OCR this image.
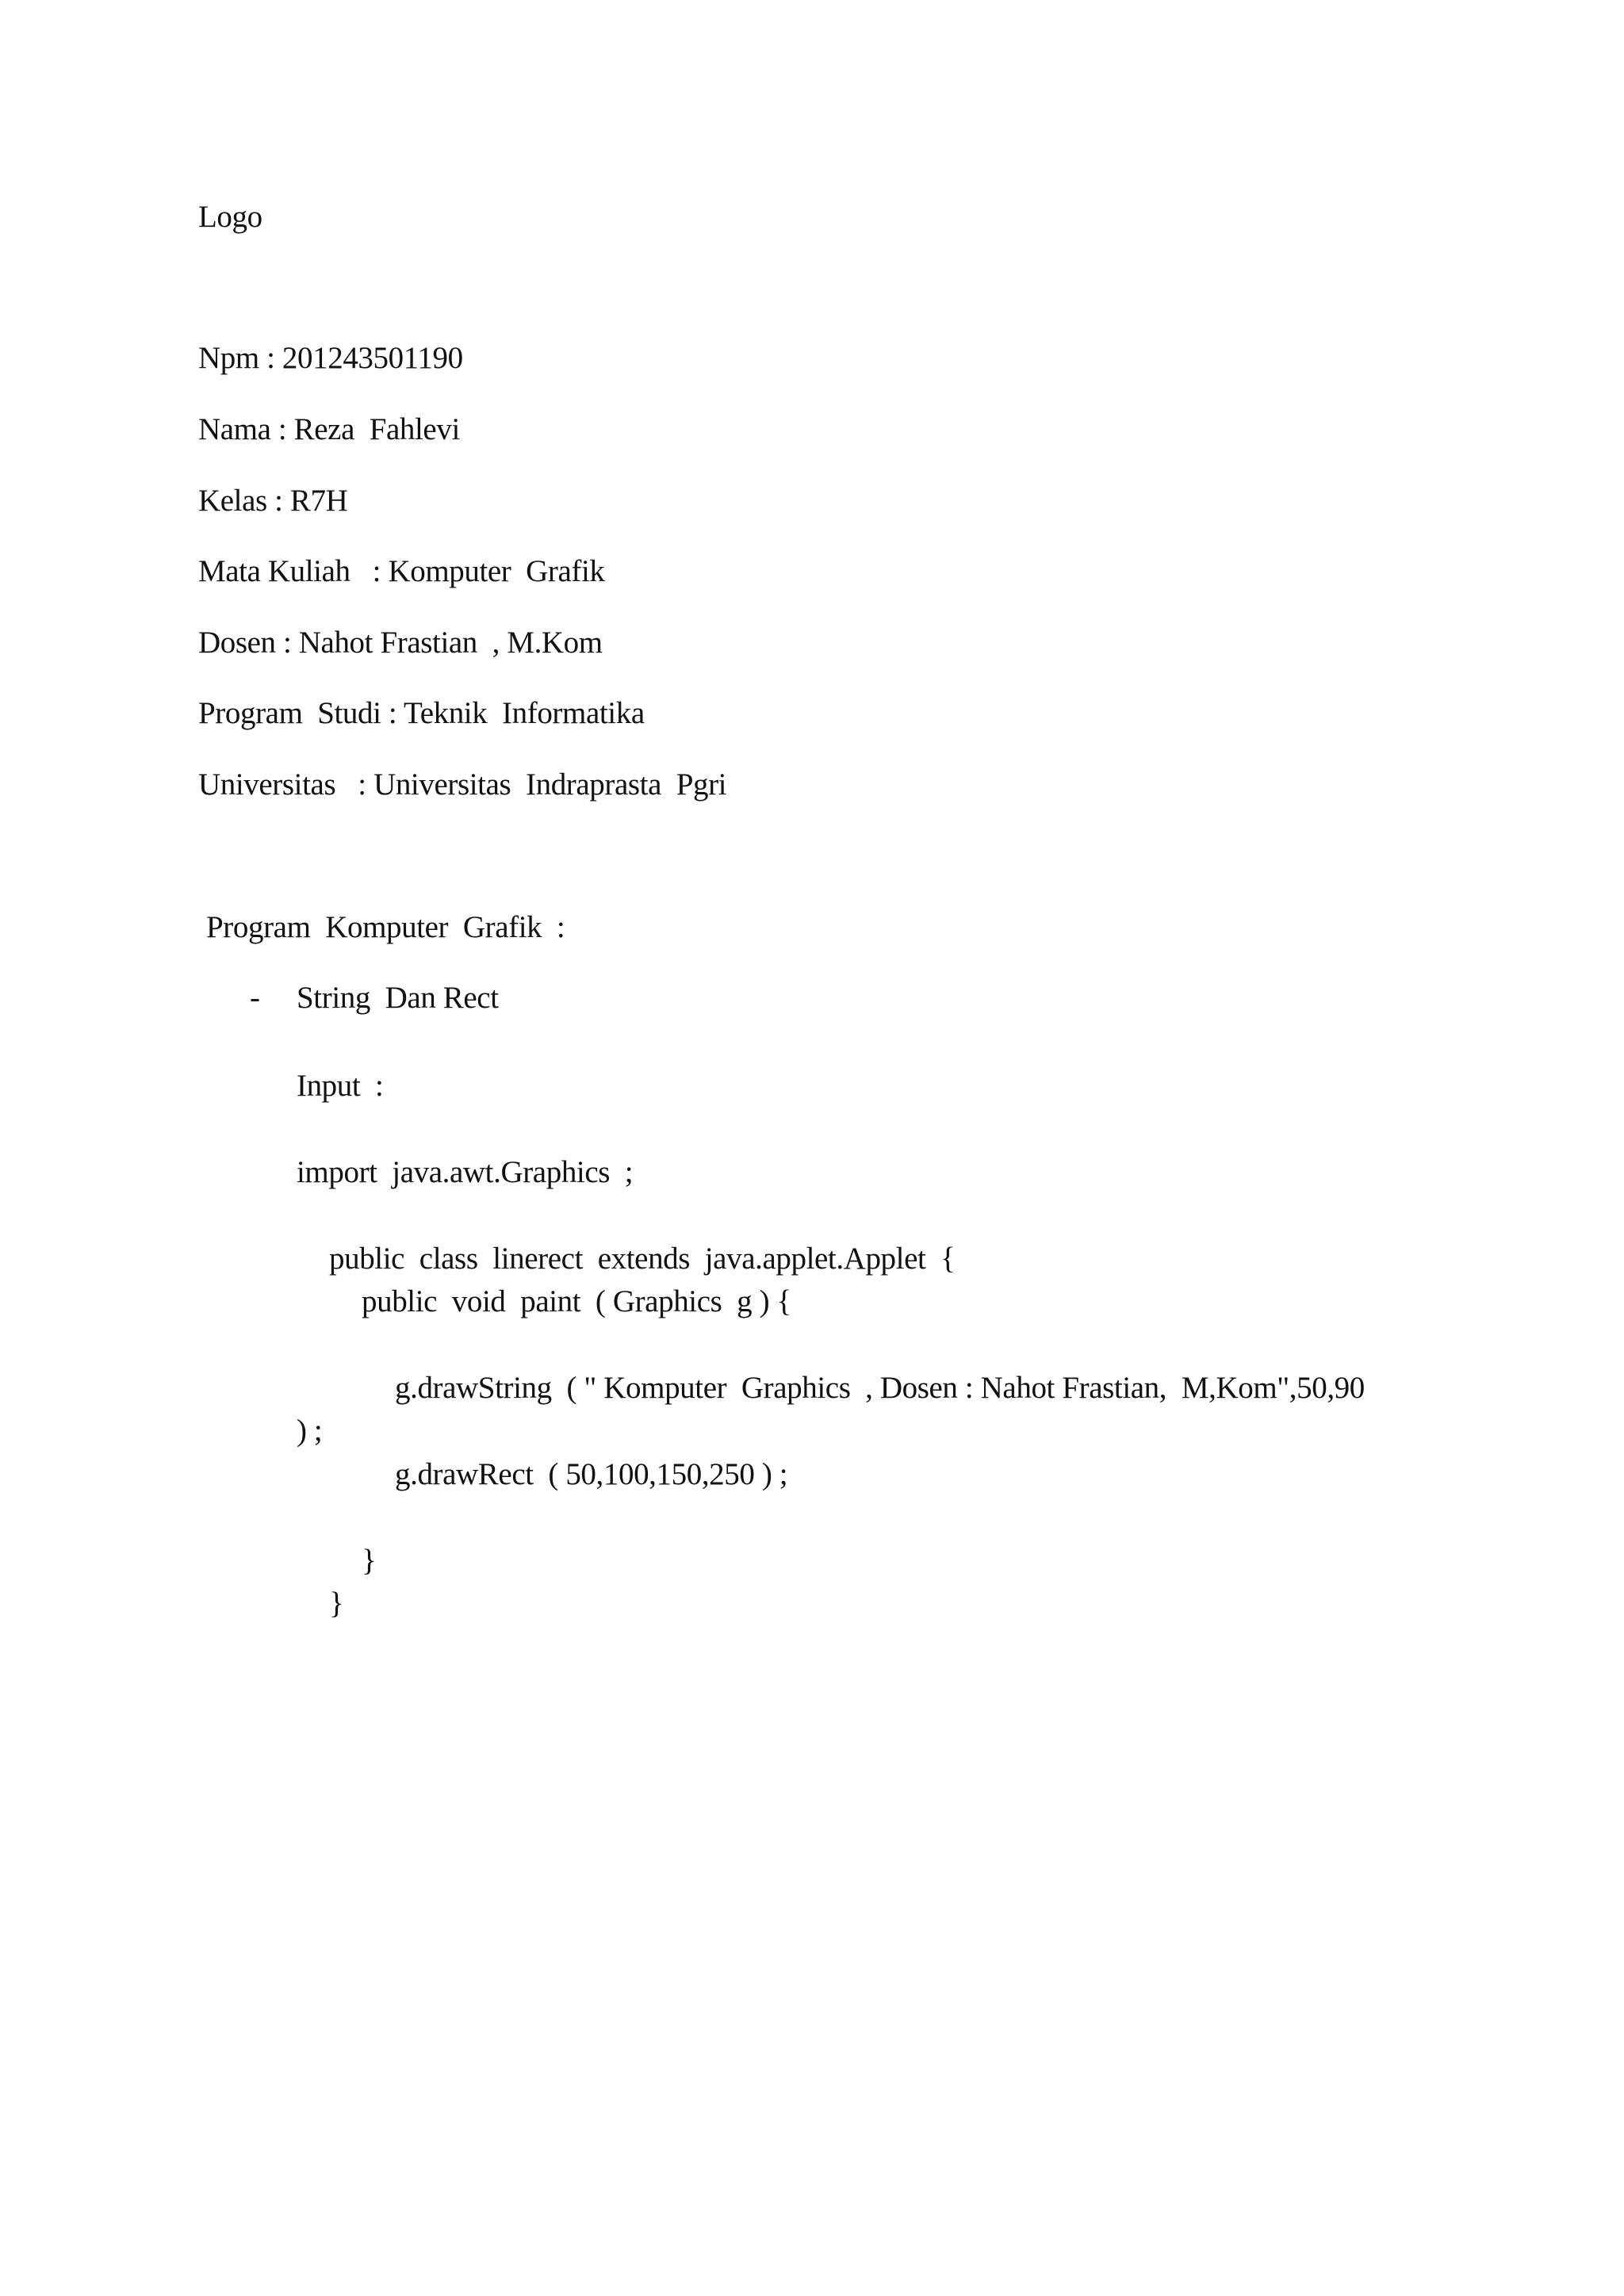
Logo
Npm : 201243501190
Nama : Reza  Fahlevi
Kelas : R7H
Mata Kuliah   : Komputer  Grafik
Dosen : Nahot Frastian  , M.Kom
Program  Studi : Teknik  Informatika
Universitas   : Universitas  Indraprasta  Pgri
Program  Komputer  Grafik  :
- String  Dan Rect
Input  :
import  java.awt.Graphics  ;
public  class  linerect  extends  java.applet.Applet  {
public  void  paint  ( Graphics  g ) {
g.drawString  ( " Komputer  Graphics  , Dosen : Nahot Frastian,  M,Kom",50,90
) ;
g.drawRect  ( 50,100,150,250 ) ;
}
}
